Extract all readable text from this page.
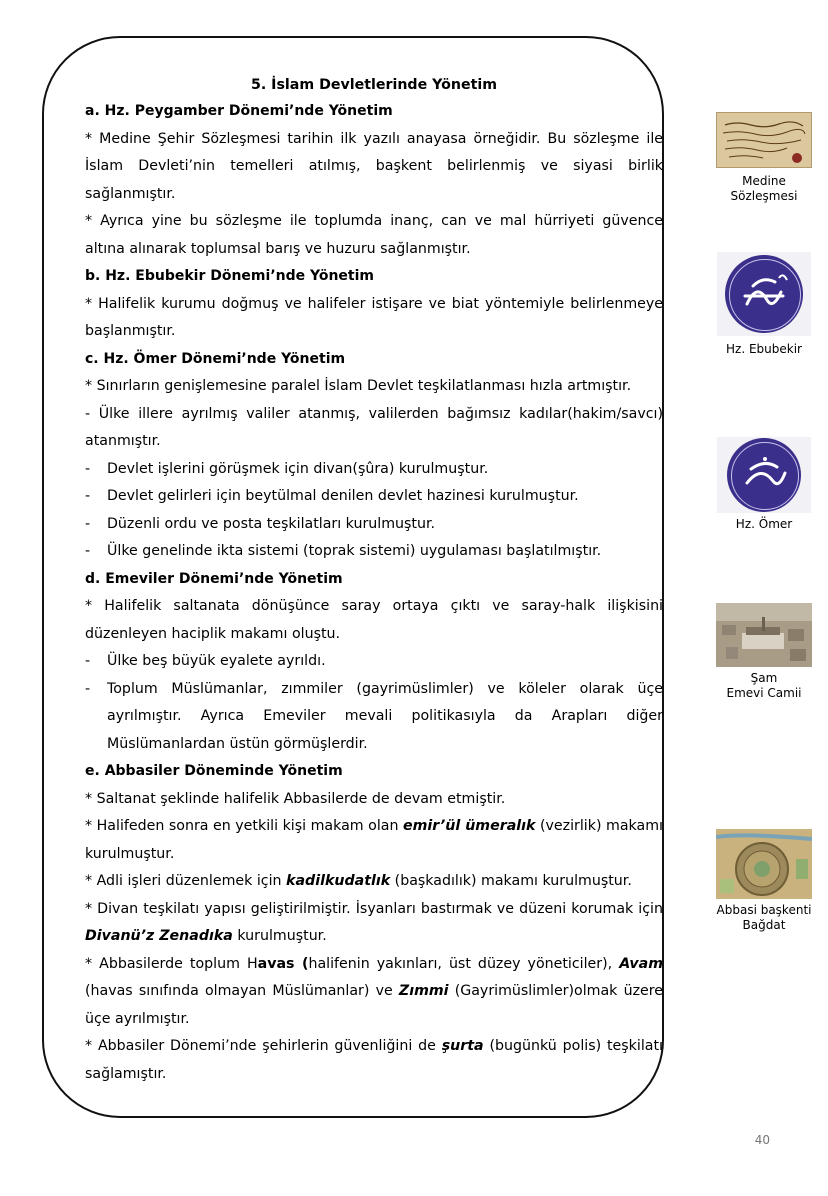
5. İslam Devletlerinde Yönetim

a. Hz. Peygamber Dönemi’nde Yönetim

* Medine Şehir Sözleşmesi tarihin ilk yazılı anayasa örneğidir. Bu sözleşme ile İslam Devleti’nin temelleri atılmış, başkent belirlenmiş ve siyasi birlik sağlanmıştır.

* Ayrıca yine bu sözleşme ile toplumda inanç, can ve mal hürriyeti güvence altına alınarak toplumsal barış ve huzuru sağlanmıştır.

b. Hz. Ebubekir Dönemi’nde Yönetim

* Halifelik kurumu doğmuş ve halifeler istişare ve biat yöntemiyle belirlenmeye başlanmıştır.

c. Hz. Ömer Dönemi’nde Yönetim

* Sınırların genişlemesine paralel İslam Devlet teşkilatlanması hızla artmıştır.

- Ülke illere ayrılmış valiler atanmış, valilerden bağımsız kadılar(hakim/savcı) atanmıştır.

-	Devlet işlerini görüşmek için divan(şûra) kurulmuştur.
-	Devlet gelirleri için beytülmal denilen devlet hazinesi kurulmuştur.
-	Düzenli ordu ve posta teşkilatları kurulmuştur.
-	Ülke genelinde ikta sistemi (toprak sistemi) uygulaması başlatılmıştır.

d. Emeviler Dönemi’nde Yönetim

* Halifelik saltanata dönüşünce saray ortaya çıktı ve saray-halk ilişkisini düzenleyen haciplik makamı oluştu.

-	Ülke beş büyük eyalete ayrıldı.
-	Toplum Müslümanlar, zımmiler (gayrimüslimler) ve köleler olarak üçe ayrılmıştır. Ayrıca Emeviler mevali politikasıyla da Arapları diğer Müslümanlardan üstün görmüşlerdir.

e. Abbasiler Döneminde Yönetim

* Saltanat şeklinde halifelik Abbasilerde de devam etmiştir.

* Halifeden sonra en yetkili kişi makam olan emir’ül ümeralık (vezirlik) makamı kurulmuştur.

* Adli işleri düzenlemek için kadilkudatlık (başkadılık) makamı kurulmuştur.

* Divan teşkilatı yapısı geliştirilmiştir. İsyanları bastırmak ve düzeni korumak için Divanü’z Zenadıka kurulmuştur.

* Abbasilerde toplum Havas (halifenin yakınları, üst düzey yöneticiler), Avam (havas sınıfında olmayan Müslümanlar) ve Zımmi (Gayrimüslimler)olmak üzere üçe ayrılmıştır.

* Abbasiler Dönemi’nde şehirlerin güvenliğini de şurta (bugünkü polis) teşkilatı sağlamıştır.

Medine
Sözleşmesi
Hz. Ebubekir
Hz. Ömer
Şam
Emevi Camii
Abbasi başkenti
Bağdat
40
